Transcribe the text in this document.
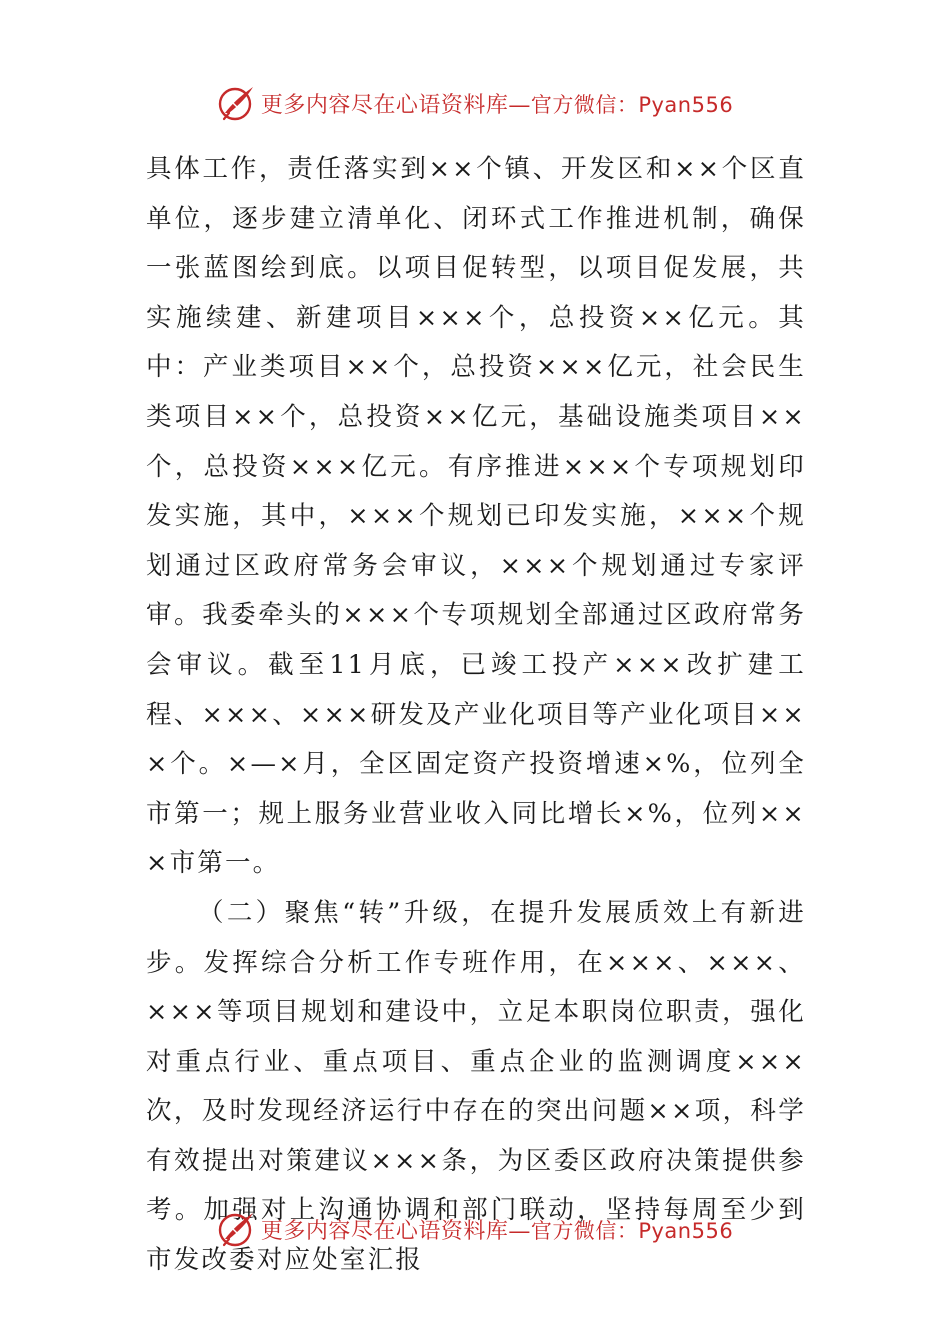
更多内容尽在心语资料库—官方微信：Pyan556

具体工作，责任落实到××个镇、开发区和××个区直单位，逐步建立清单化、闭环式工作推进机制，确保一张蓝图绘到底。以项目促转型，以项目促发展，共实施续建、新建项目×××个，总投资××亿元。其中：产业类项目××个，总投资×××亿元，社会民生类项目××个，总投资××亿元，基础设施类项目××个，总投资×××亿元。有序推进×××个专项规划印发实施，其中，×××个规划已印发实施，×××个规划通过区政府常务会审议，×××个规划通过专家评审。我委牵头的×××个专项规划全部通过区政府常务会审议。截至11月底，已竣工投产×××改扩建工程、×××、×××研发及产业化项目等产业化项目×××个。×—×月，全区固定资产投资增速×%，位列全市第一；规上服务业营业收入同比增长×%，位列×××市第一。

（二）聚焦“转”升级，在提升发展质效上有新进步。发挥综合分析工作专班作用，在×××、×××、×××等项目规划和建设中，立足本职岗位职责，强化对重点行业、重点项目、重点企业的监测调度×××次，及时发现经济运行中存在的突出问题××项，科学有效提出对策建议×××条，为区委区政府决策提供参考。加强对上沟通协调和部门联动，坚持每周至少到市发改委对应处室汇报

更多内容尽在心语资料库—官方微信：Pyan556
